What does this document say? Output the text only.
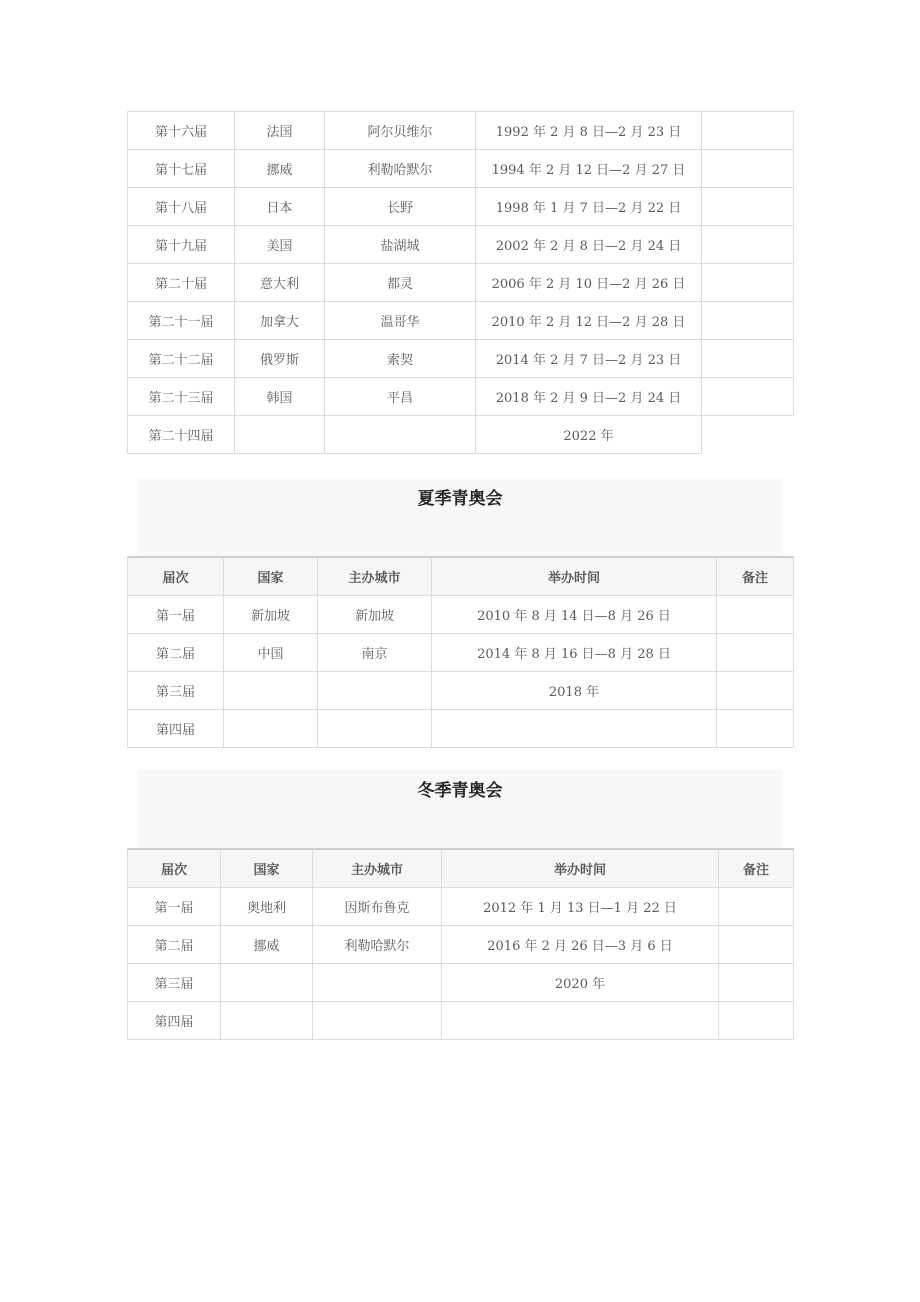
第十六届	法国	阿尔贝维尔	1992 年 2 月 8 日—2 月 23 日	
第十七届	挪威	利勒哈默尔	1994 年 2 月 12 日—2 月 27 日	
第十八届	日本	长野	1998 年 1 月 7 日—2 月 22 日	
第十九届	美国	盐湖城	2002 年 2 月 8 日—2 月 24 日	
第二十届	意大利	都灵	2006 年 2 月 10 日—2 月 26 日	
第二十一届	加拿大	温哥华	2010 年 2 月 12 日—2 月 28 日	
第二十二届	俄罗斯	索契	2014 年 2 月 7 日—2 月 23 日	
第二十三届	韩国	平昌	2018 年 2 月 9 日—2 月 24 日	
第二十四届			2022 年	
夏季青奥会
届次	国家	主办城市	举办时间	备注
第一届	新加坡	新加坡	2010 年 8 月 14 日—8 月 26 日	
第二届	中国	南京	2014 年 8 月 16 日—8 月 28 日	
第三届			2018 年	
第四届				
冬季青奥会
届次	国家	主办城市	举办时间	备注
第一届	奥地利	因斯布鲁克	2012 年 1 月 13 日—1 月 22 日	
第二届	挪威	利勒哈默尔	2016 年 2 月 26 日—3 月 6 日	
第三届			2020 年	
第四届				
